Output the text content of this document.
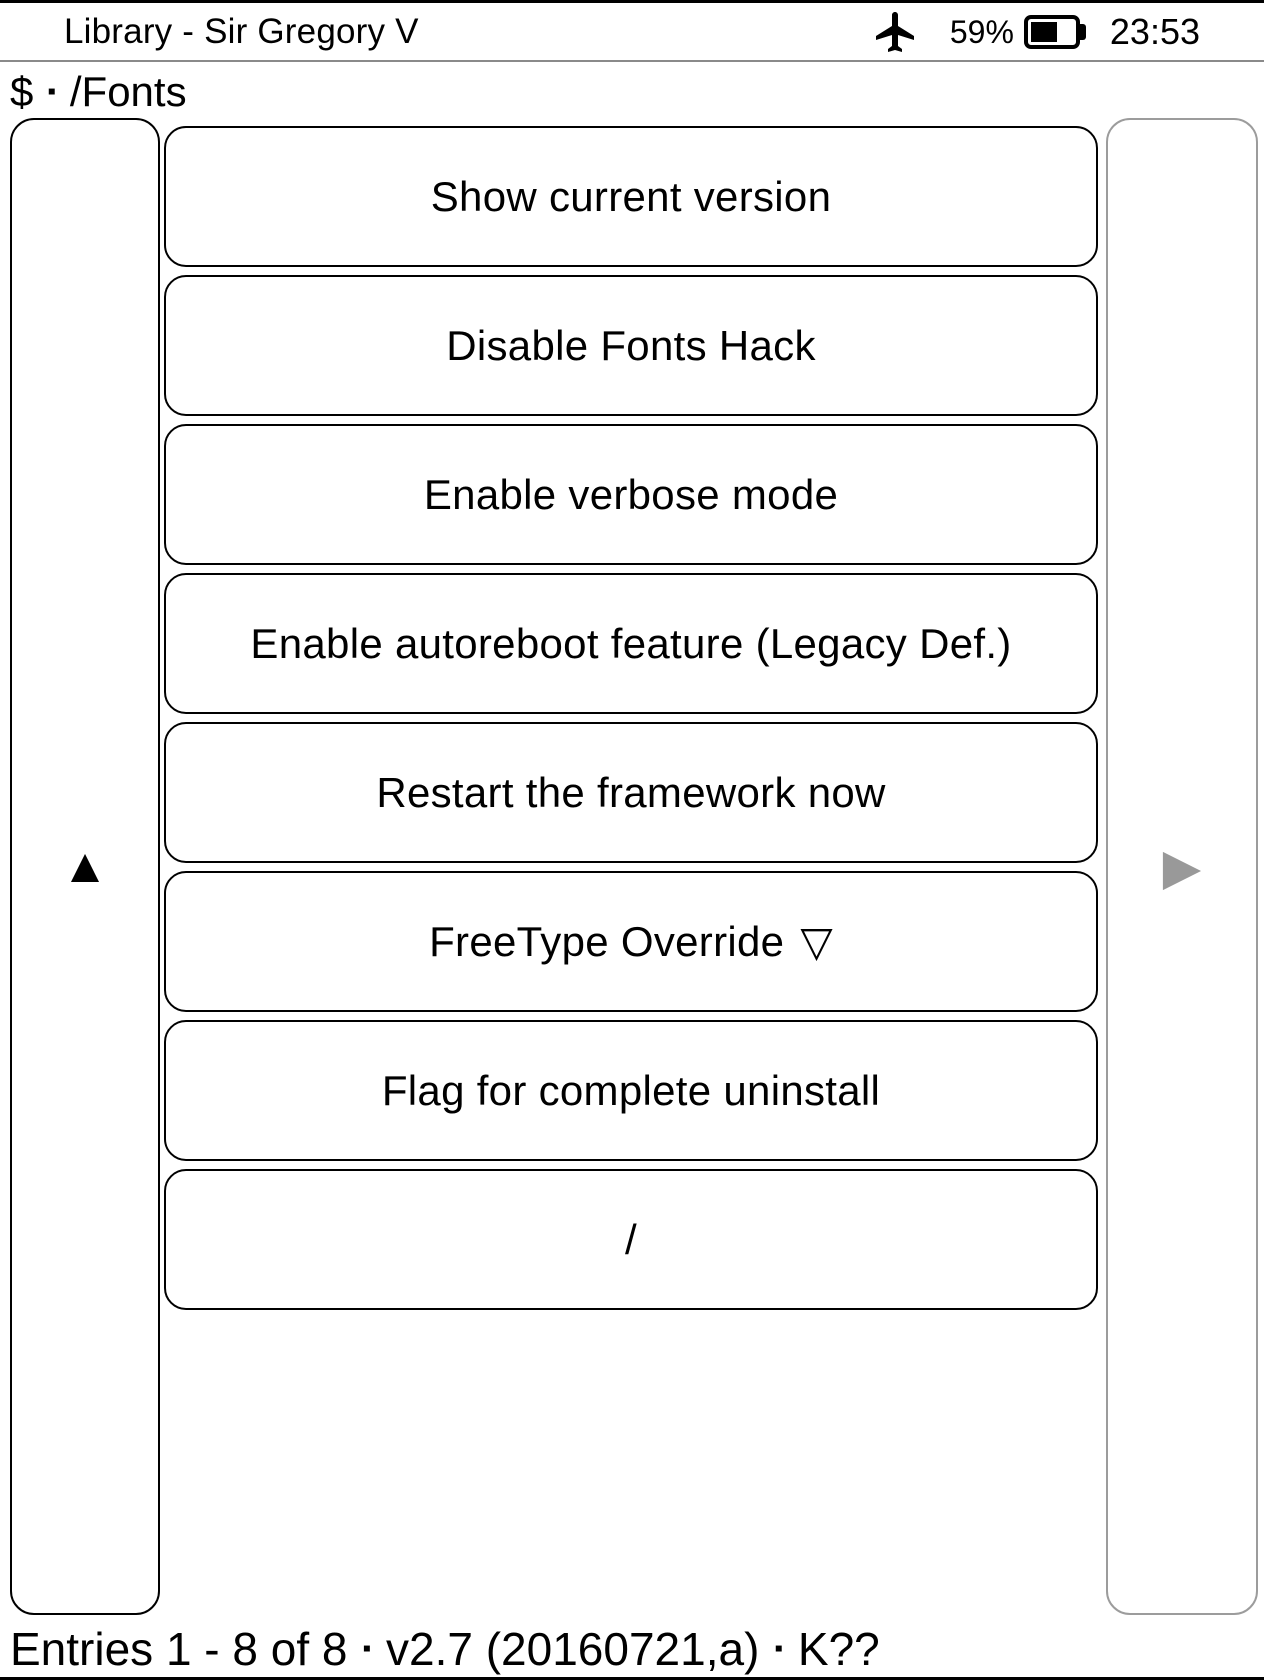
Library - Sir Gregory V	59%	23:53
$ ▪ /Fonts
▲
Show current version
Disable Fonts Hack
Enable verbose mode
Enable autoreboot feature (Legacy Def.)
Restart the framework now
FreeType Override ▽
Flag for complete uninstall
/
▶
Entries 1 - 8 of 8 ▪ v2.7 (20160721,a) ▪ K??
